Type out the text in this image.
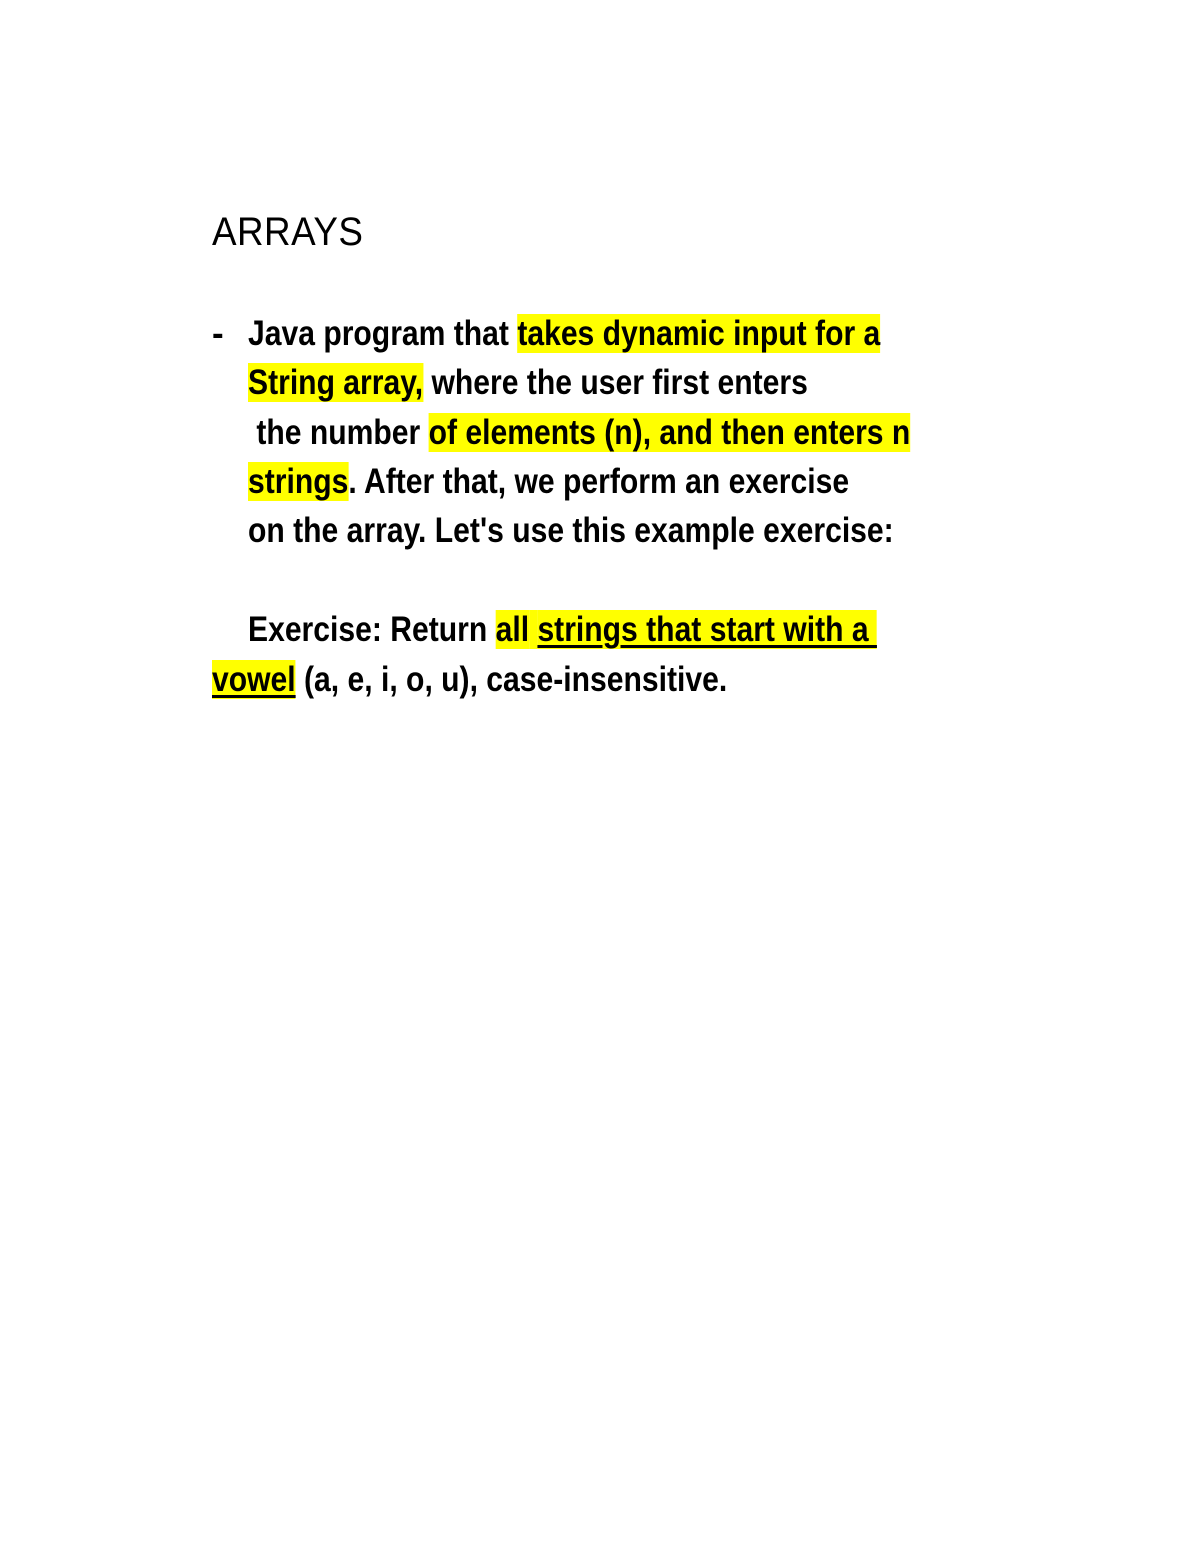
ARRAYS
- Java program that takes dynamic input for a
String array, where the user first enters
the number of elements (n), and then enters n
strings. After that, we perform an exercise
on the array. Let's use this example exercise:
Exercise: Return all strings that start with a
vowel (a, e, i, o, u), case-insensitive.
